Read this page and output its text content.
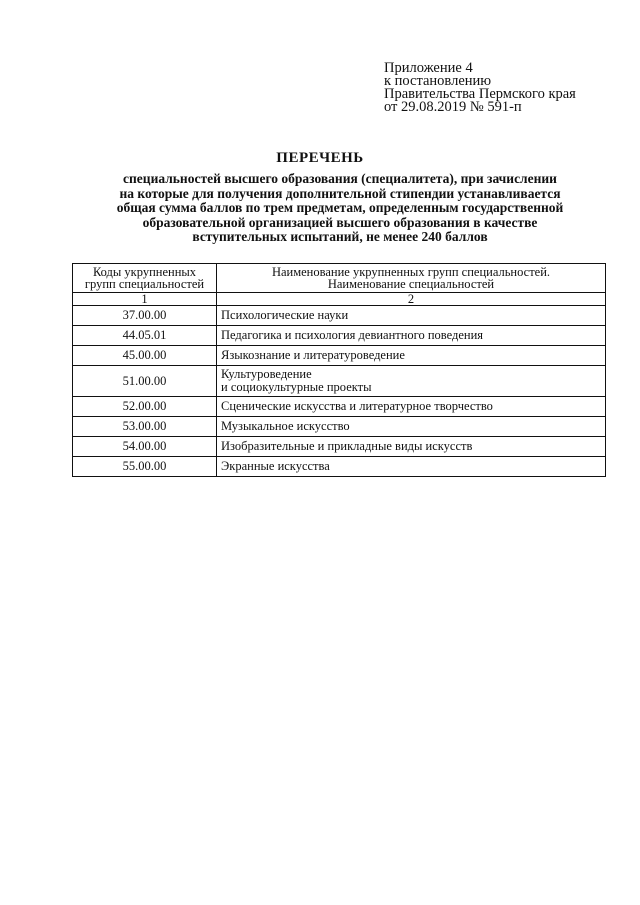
Приложение 4
к постановлению
Правительства Пермского края
от 29.08.2019 № 591-п
ПЕРЕЧЕНЬ
специальностей высшего образования (специалитета), при зачислении
на которые для получения дополнительной стипендии устанавливается
общая сумма баллов по трем предметам, определенным государственной
образовательной организацией высшего образования в качестве
вступительных испытаний, не менее 240 баллов
Коды укрупненных
групп специальностей	Наименование укрупненных групп специальностей.
Наименование специальностей
1	2
37.00.00	Психологические науки
44.05.01	Педагогика и психология девиантного поведения
45.00.00	Языкознание и литературоведение
51.00.00	Культуроведение
и социокультурные проекты
52.00.00	Сценические искусства и литературное творчество
53.00.00	Музыкальное искусство
54.00.00	Изобразительные и прикладные виды искусств
55.00.00	Экранные искусства
